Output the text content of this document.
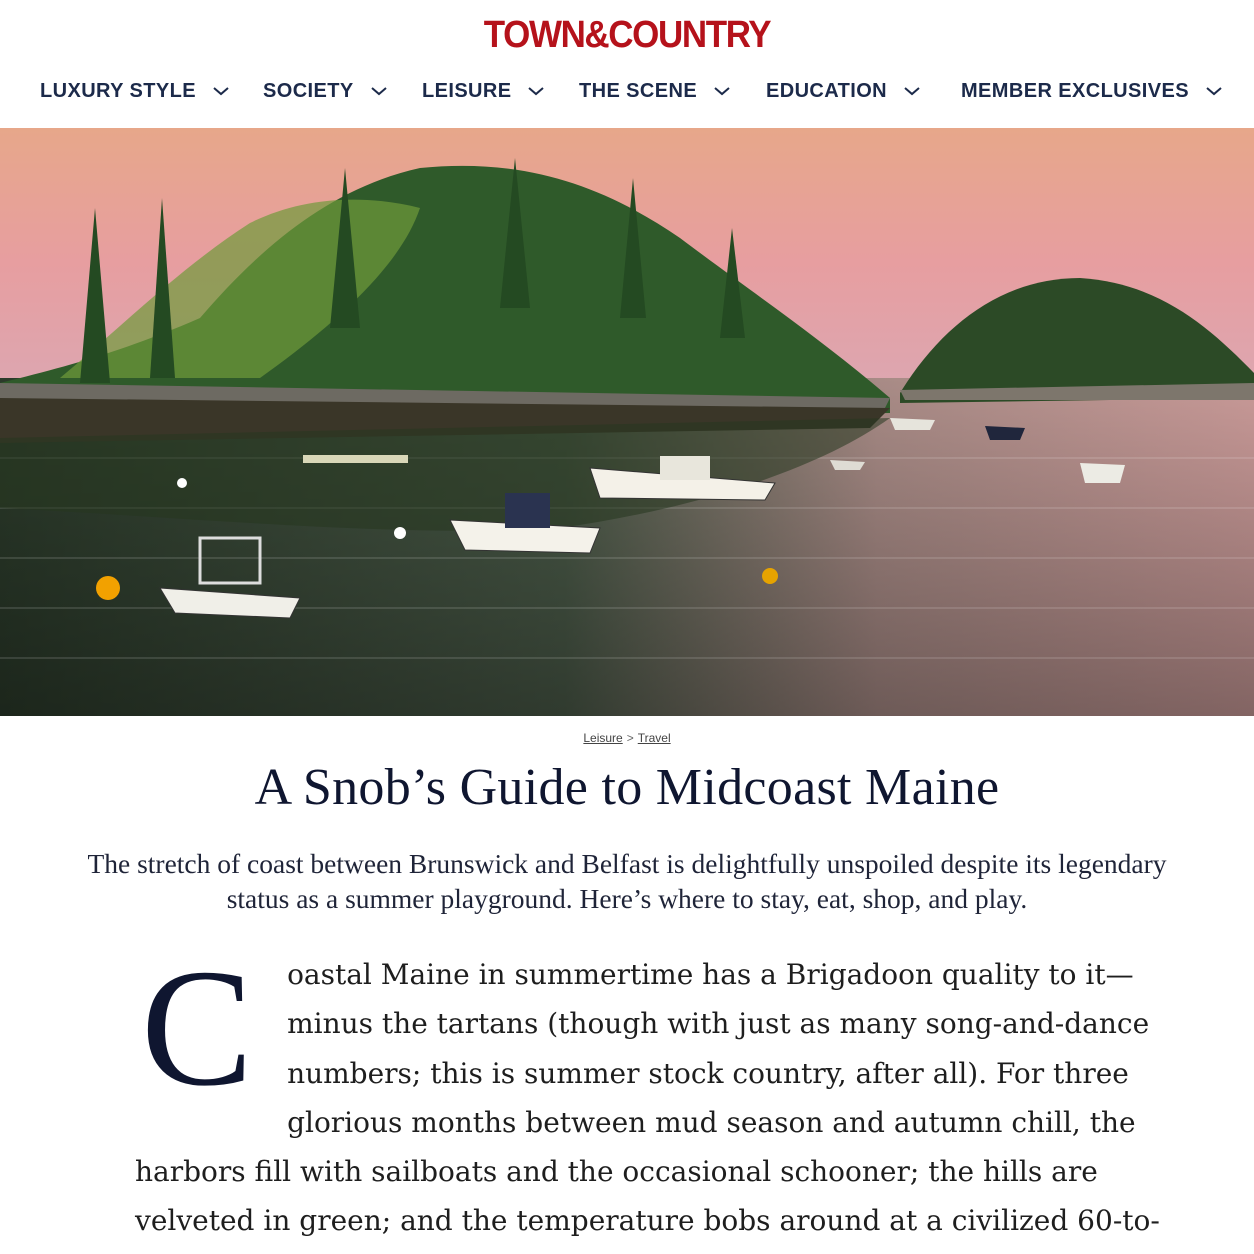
TOWN&COUNTRY
LUXURY STYLE	SOCIETY	LEISURE	THE SCENE	EDUCATION	MEMBER EXCLUSIVES
Leisure > Travel
A Snob’s Guide to Midcoast Maine

The stretch of coast between Brunswick and Belfast is delightfully unspoiled despite its legendary status as a summer playground. Here’s where to stay, eat, shop, and play.

C oastal Maine in summertime has a Brigadoon quality to it—minus the tartans (though with just as many song-and-dance numbers; this is summer stock country, after all). For three glorious months between mud season and autumn chill, the harbors fill with sailboats and the occasional schooner; the hills are velveted in green; and the temperature bobs around at a civilized 60-to-
